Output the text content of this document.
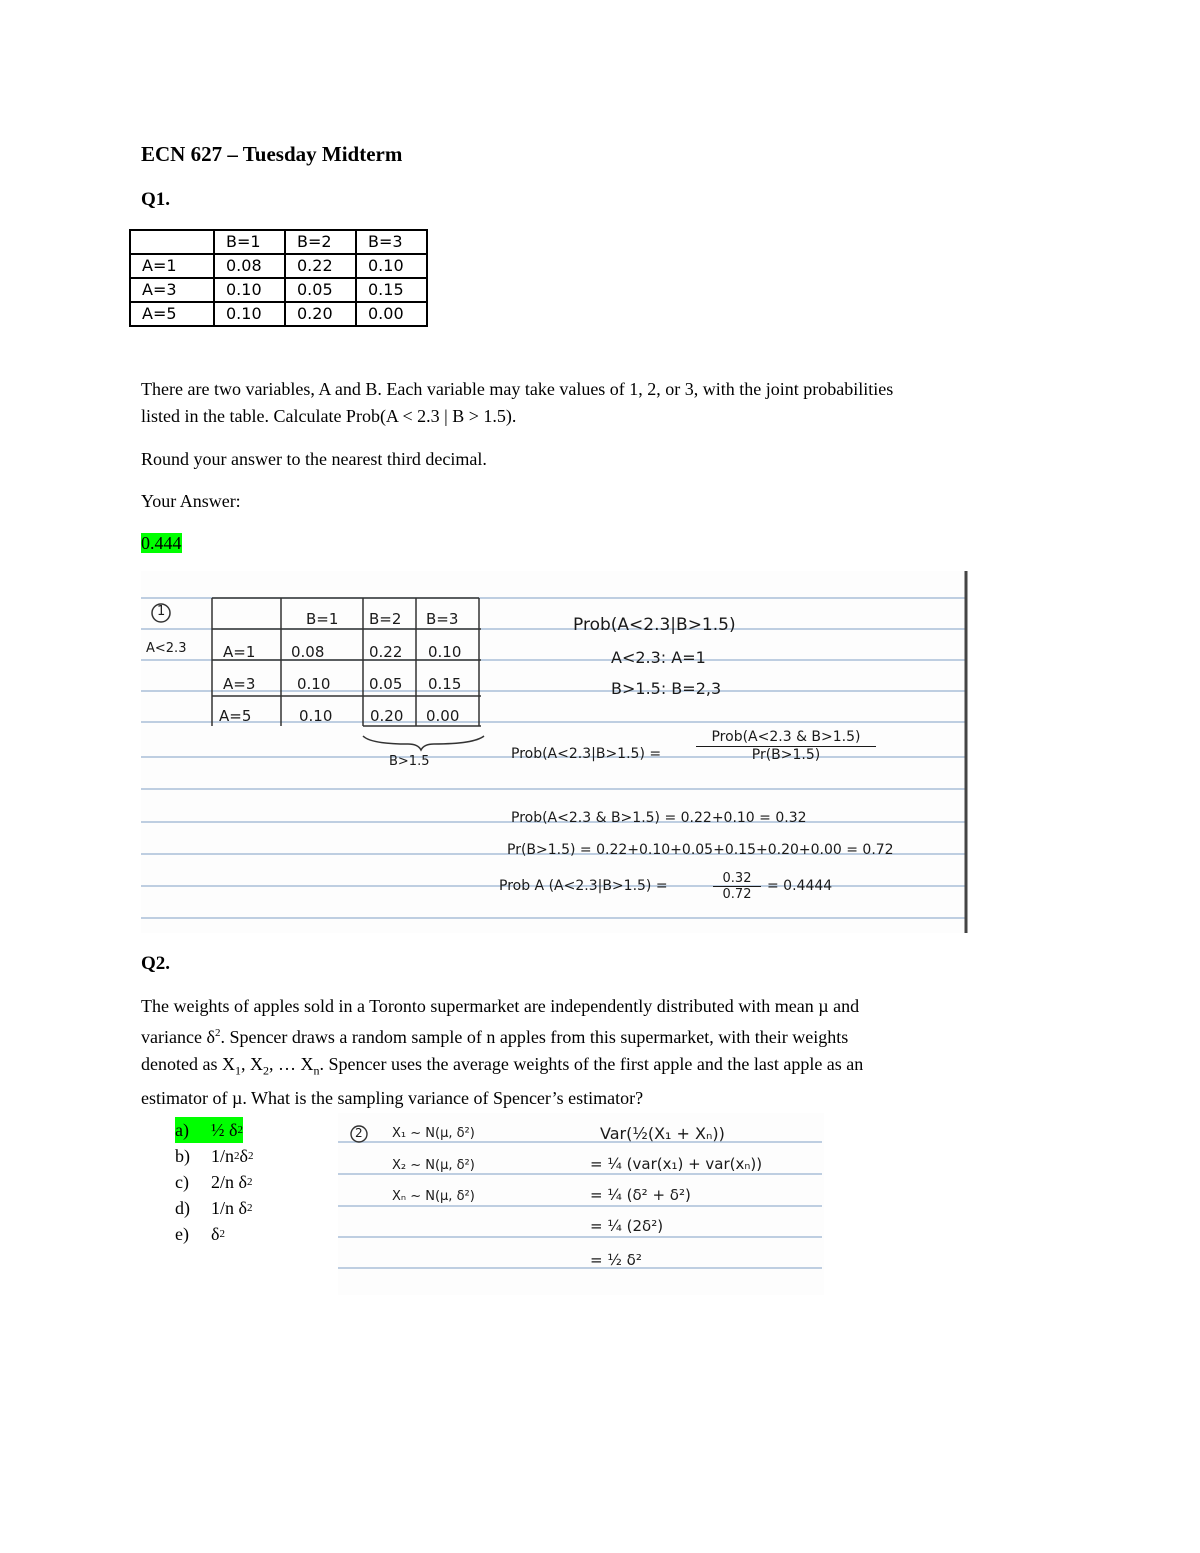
ECN 627 – Tuesday Midterm
Q1.
	B=1	B=2	B=3
A=1	0.08	0.22	0.10
A=3	0.10	0.05	0.15
A=5	0.10	0.20	0.00
There are two variables, A and B. Each variable may take values of 1, 2, or 3, with the joint probabilities
listed in the table. Calculate Prob(A < 2.3 | B > 1.5).
Round your answer to the nearest third decimal.
Your Answer:
0.444
1
A<2.3
B>1.5
B=1 B=2 B=3
A=1 0.08	0.22 0.10
A=3	0.10	0.05 0.15
A=5	0.10	0.20 0.00
Prob(A<2.3|B>1.5)
A<2.3: A=1
B>1.5: B=2,3
Prob(A<2.3|B>1.5) =
Prob(A<2.3 & B>1.5)
Pr(B>1.5)
Prob(A<2.3 & B>1.5) = 0.22+0.10 = 0.32
Pr(B>1.5) = 0.22+0.10+0.05+0.15+0.20+0.00 = 0.72
Prob A (A<2.3|B>1.5) =	$\frac{0.32}{0.72} = 0.4444$
Q2.
The weights of apples sold in a Toronto supermarket are independently distributed with mean µ and
variance $\delta^2$. Spencer draws a random sample of n apples from this supermarket, with their weights
denoted as $X_1$, $X_2$, … $X_n$. Spencer uses the average weights of the first apple and the last apple as an
estimator of µ. What is the sampling variance of Spencer’s estimator?
a)	½ δ 2
b)	1/n 2 δ 2
c)	2/n δ 2
d)	1/n δ 2
e)	δ 2
2 X₁ ~ N(µ, δ²)
X₂ ~ N(µ, δ²)
Xₙ ~ N(µ, δ²)
Var(½(X₁ + Xₙ))
= ¼ (var(x₁) + var(xₙ))
= ¼ (δ² + δ²)
= ¼ (2δ²)
= ½ δ²
